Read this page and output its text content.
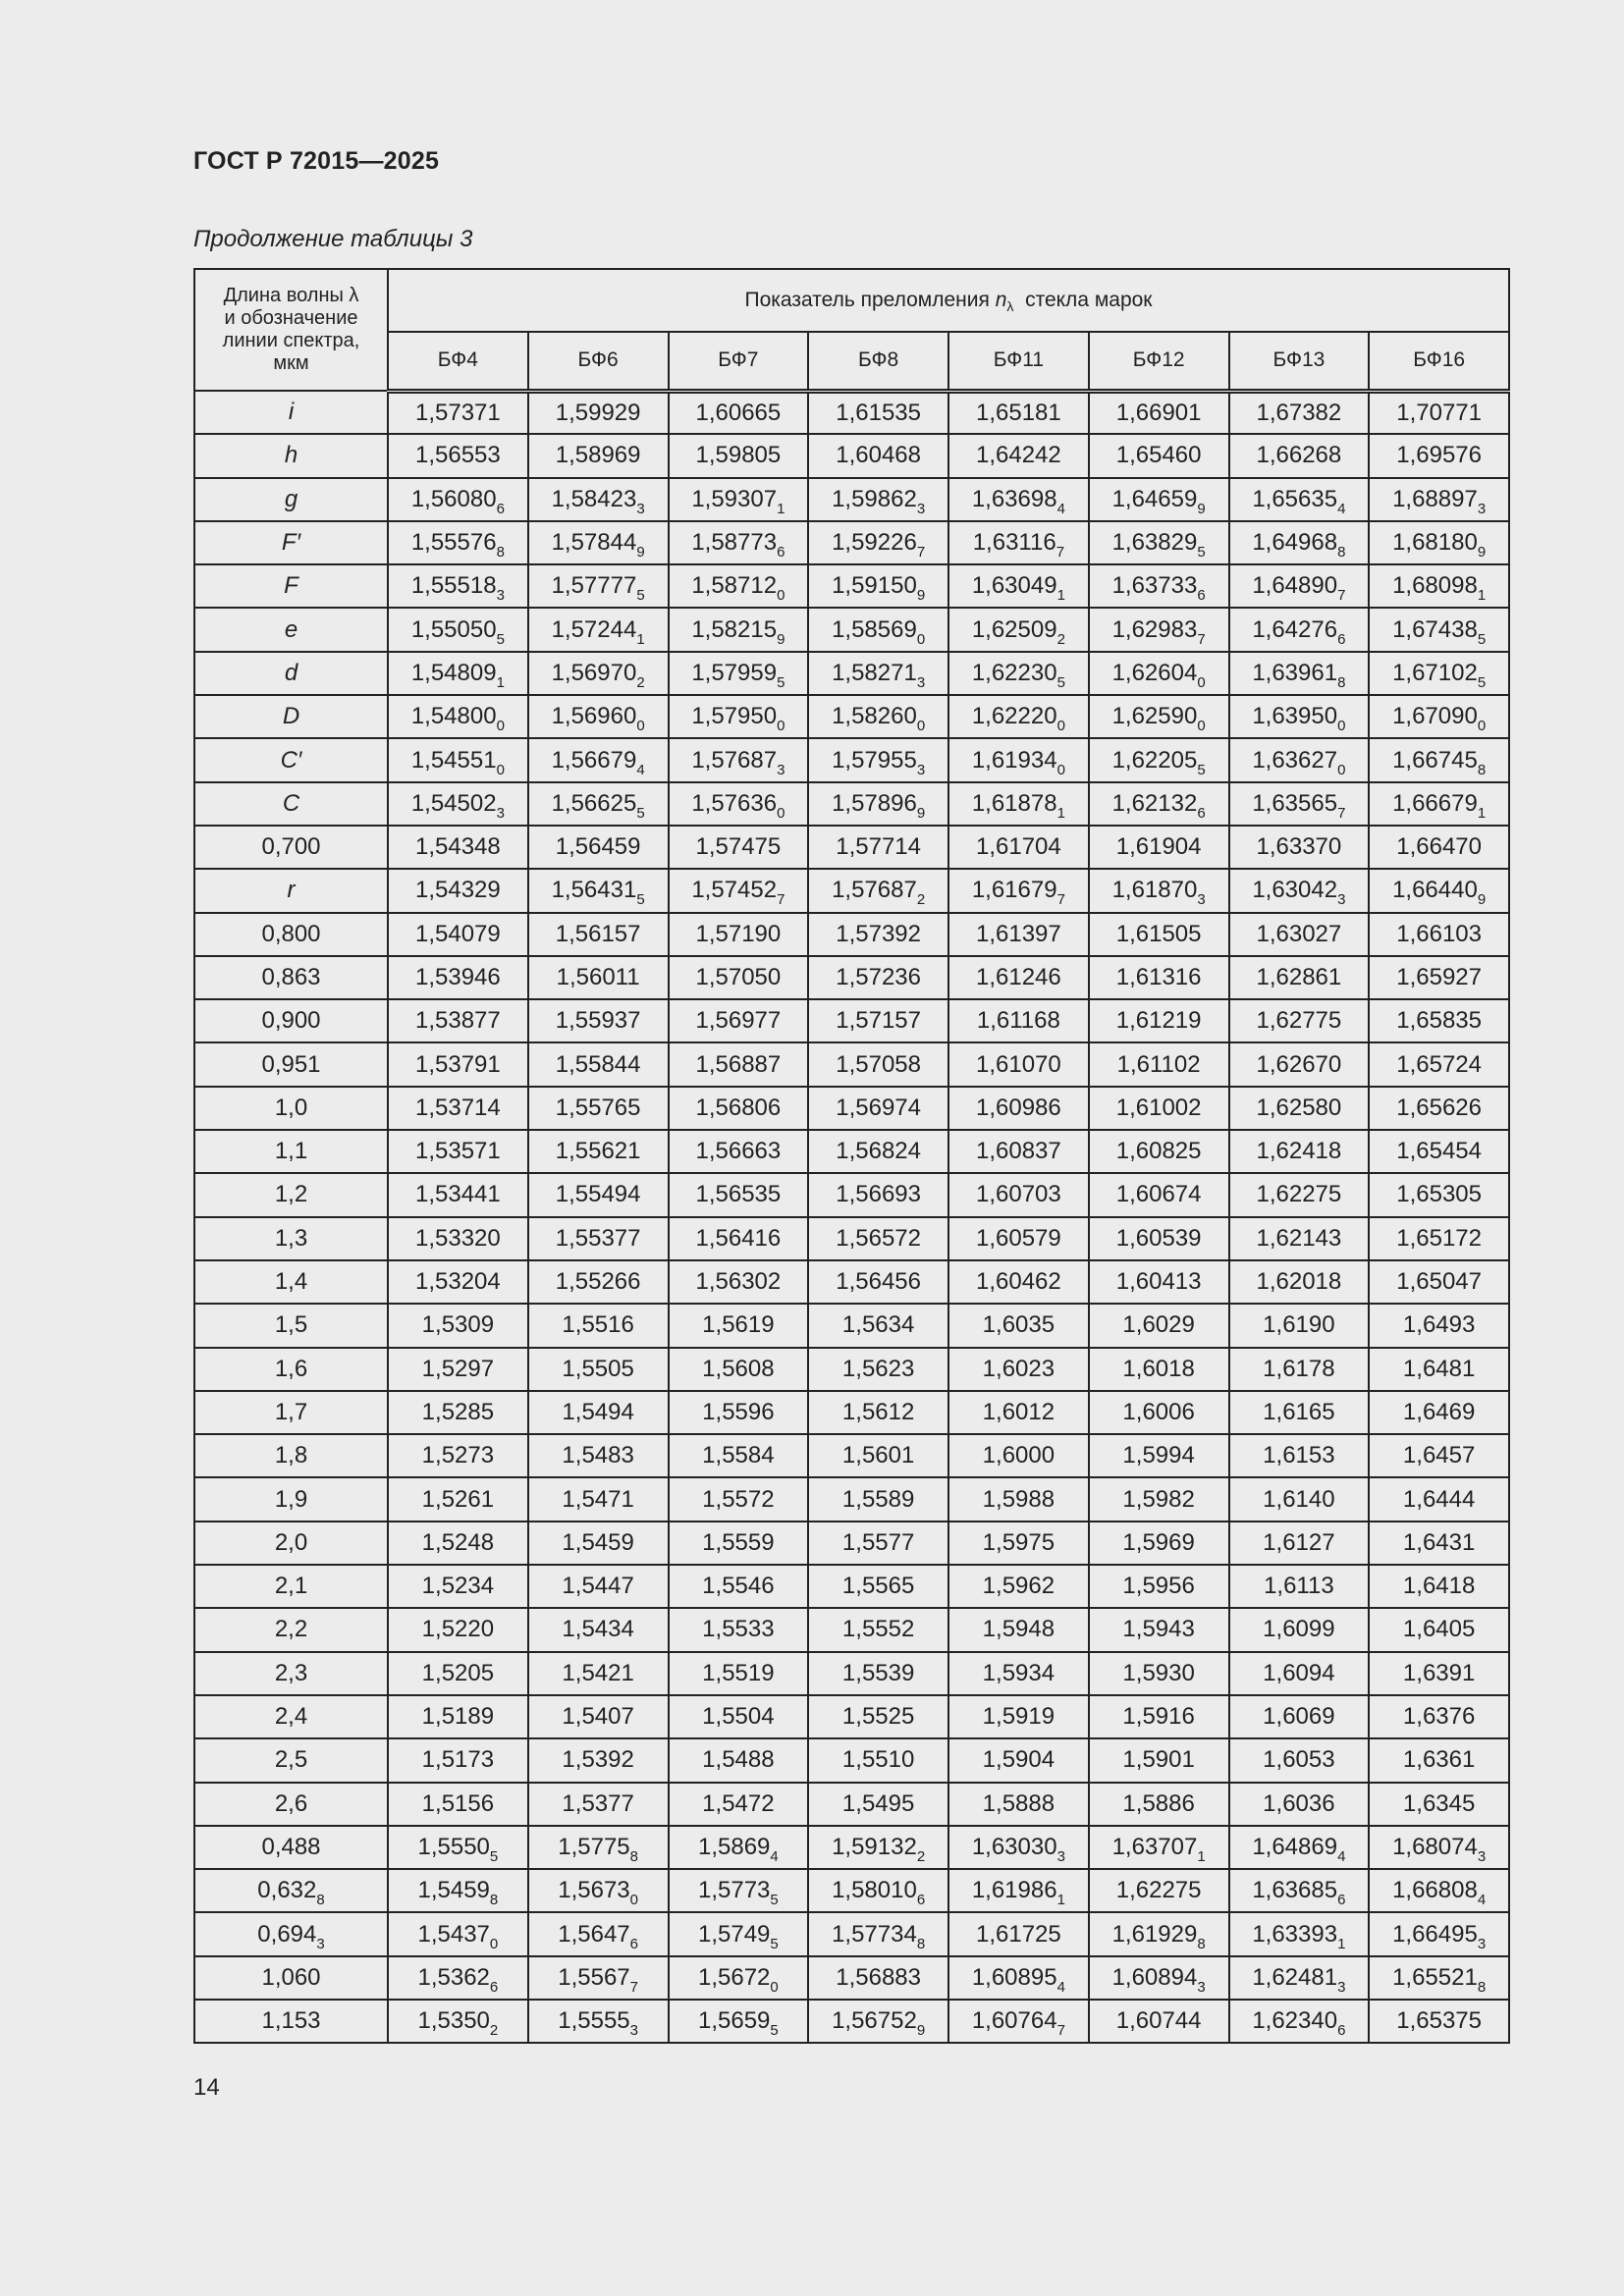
ГОСТ Р 72015—2025
Продолжение таблицы 3
Длина волны λ
и обозначение
линии спектра,
мкм	Показатель преломления $n_\lambda$  стекла марок							
	БФ4	БФ6	БФ7	БФ8	БФ11	БФ12	БФ13	БФ16
i	1,57371	1,59929	1,60665	1,61535	1,65181	1,66901	1,67382	1,70771
h	1,56553	1,58969	1,59805	1,60468	1,64242	1,65460	1,66268	1,69576
g	$1,56080_6$	$1,58423_3$	$1,59307_1$	$1,59862_3$	$1,63698_4$	$1,64659_9$	$1,65635_4$	$1,68897_3$
F′	$1,55576_8$	$1,57844_9$	$1,58773_6$	$1,59226_7$	$1,63116_7$	$1,63829_5$	$1,64968_8$	$1,68180_9$
F	$1,55518_3$	$1,57777_5$	$1,58712_0$	$1,59150_9$	$1,63049_1$	$1,63733_6$	$1,64890_7$	$1,68098_1$
e	$1,55050_5$	$1,57244_1$	$1,58215_9$	$1,58569_0$	$1,62509_2$	$1,62983_7$	$1,64276_6$	$1,67438_5$
d	$1,54809_1$	$1,56970_2$	$1,57959_5$	$1,58271_3$	$1,62230_5$	$1,62604_0$	$1,63961_8$	$1,67102_5$
D	$1,54800_0$	$1,56960_0$	$1,57950_0$	$1,58260_0$	$1,62220_0$	$1,62590_0$	$1,63950_0$	$1,67090_0$
C′	$1,54551_0$	$1,56679_4$	$1,57687_3$	$1,57955_3$	$1,61934_0$	$1,62205_5$	$1,63627_0$	$1,66745_8$
C	$1,54502_3$	$1,56625_5$	$1,57636_0$	$1,57896_9$	$1,61878_1$	$1,62132_6$	$1,63565_7$	$1,66679_1$
0,700	1,54348	1,56459	1,57475	1,57714	1,61704	1,61904	1,63370	1,66470
r	1,54329	$1,56431_5$	$1,57452_7$	$1,57687_2$	$1,61679_7$	$1,61870_3$	$1,63042_3$	$1,66440_9$
0,800	1,54079	1,56157	1,57190	1,57392	1,61397	1,61505	1,63027	1,66103
0,863	1,53946	1,56011	1,57050	1,57236	1,61246	1,61316	1,62861	1,65927
0,900	1,53877	1,55937	1,56977	1,57157	1,61168	1,61219	1,62775	1,65835
0,951	1,53791	1,55844	1,56887	1,57058	1,61070	1,61102	1,62670	1,65724
1,0	1,53714	1,55765	1,56806	1,56974	1,60986	1,61002	1,62580	1,65626
1,1	1,53571	1,55621	1,56663	1,56824	1,60837	1,60825	1,62418	1,65454
1,2	1,53441	1,55494	1,56535	1,56693	1,60703	1,60674	1,62275	1,65305
1,3	1,53320	1,55377	1,56416	1,56572	1,60579	1,60539	1,62143	1,65172
1,4	1,53204	1,55266	1,56302	1,56456	1,60462	1,60413	1,62018	1,65047
1,5	1,5309	1,5516	1,5619	1,5634	1,6035	1,6029	1,6190	1,6493
1,6	1,5297	1,5505	1,5608	1,5623	1,6023	1,6018	1,6178	1,6481
1,7	1,5285	1,5494	1,5596	1,5612	1,6012	1,6006	1,6165	1,6469
1,8	1,5273	1,5483	1,5584	1,5601	1,6000	1,5994	1,6153	1,6457
1,9	1,5261	1,5471	1,5572	1,5589	1,5988	1,5982	1,6140	1,6444
2,0	1,5248	1,5459	1,5559	1,5577	1,5975	1,5969	1,6127	1,6431
2,1	1,5234	1,5447	1,5546	1,5565	1,5962	1,5956	1,6113	1,6418
2,2	1,5220	1,5434	1,5533	1,5552	1,5948	1,5943	1,6099	1,6405
2,3	1,5205	1,5421	1,5519	1,5539	1,5934	1,5930	1,6094	1,6391
2,4	1,5189	1,5407	1,5504	1,5525	1,5919	1,5916	1,6069	1,6376
2,5	1,5173	1,5392	1,5488	1,5510	1,5904	1,5901	1,6053	1,6361
2,6	1,5156	1,5377	1,5472	1,5495	1,5888	1,5886	1,6036	1,6345
0,488	$1,5550_5$	$1,5775_8$	$1,5869_4$	$1,59132_2$	$1,63030_3$	$1,63707_1$	$1,64869_4$	$1,68074_3$
$0,632_8$	$1,5459_8$	$1,5673_0$	$1,5773_5$	$1,58010_6$	$1,61986_1$	1,62275	$1,63685_6$	$1,66808_4$
$0,694_3$	$1,5437_0$	$1,5647_6$	$1,5749_5$	$1,57734_8$	1,61725	$1,61929_8$	$1,63393_1$	$1,66495_3$
1,060	$1,5362_6$	$1,5567_7$	$1,5672_0$	1,56883	$1,60895_4$	$1,60894_3$	$1,62481_3$	$1,65521_8$
1,153	$1,5350_2$	$1,5555_3$	$1,5659_5$	$1,56752_9$	$1,60764_7$	1,60744	$1,62340_6$	1,65375
14
